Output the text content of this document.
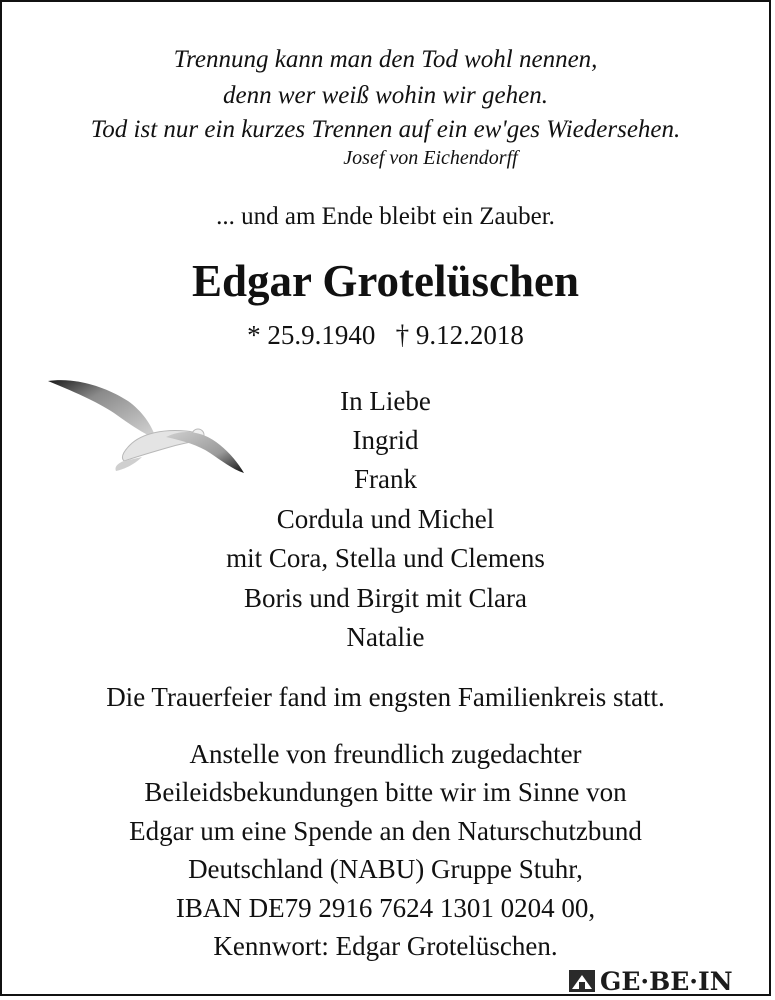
Trennung kann man den Tod wohl nennen,
denn wer weiß wohin wir gehen.
Tod ist nur ein kurzes Trennen auf ein ew'ges Wiedersehen.
Josef von Eichendorff
... und am Ende bleibt ein Zauber.
Edgar Grotelüschen
* 25.9.1940   † 9.12.2018
In Liebe
Ingrid
Frank
Cordula und Michel
mit Cora, Stella und Clemens
Boris und Birgit mit Clara
Natalie
Die Trauerfeier fand im engsten Familienkreis statt.
Anstelle von freundlich zugedachter
Beileidsbekundungen bitte wir im Sinne von
Edgar um eine Spende an den Naturschutzbund
Deutschland (NABU) Gruppe Stuhr,
IBAN DE79 2916 7624 1301 0204 00,
Kennwort: Edgar Grotelüschen.
GE·BE·IN
